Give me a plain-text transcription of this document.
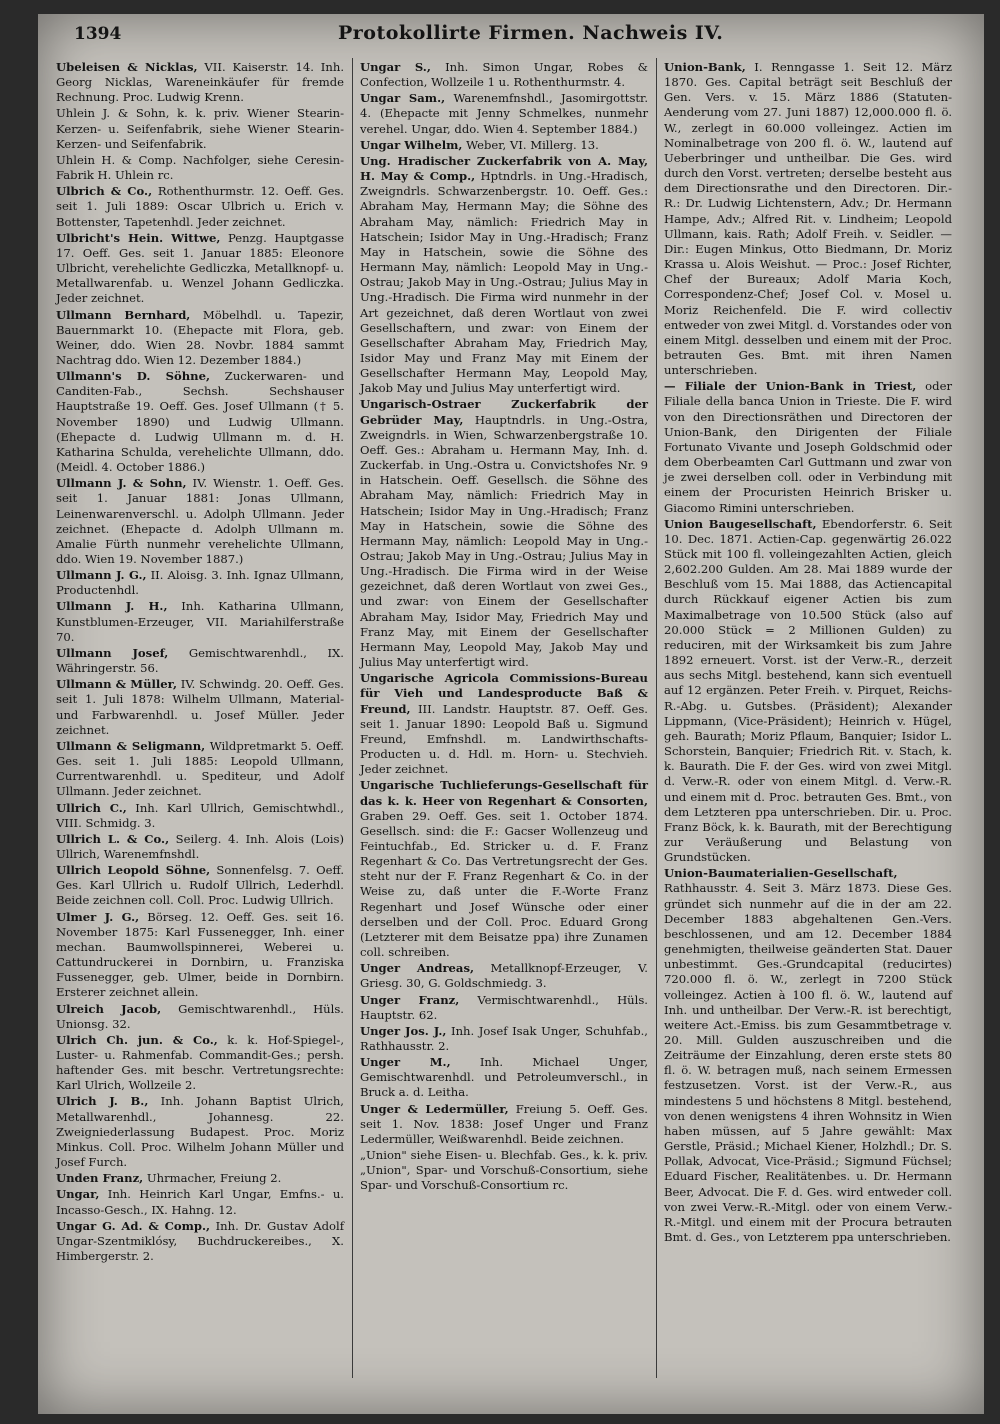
1394	Protokollirte Firmen. Nachweis IV.

Ubeleisen & Nicklas, VII. Kaiserstr. 14. Inh. Georg Nicklas, Wareneinkäufer für fremde Rechnung. Proc. Ludwig Krenn.

Uhlein J. & Sohn, k. k. priv. Wiener Stearin-Kerzen- u. Seifenfabrik, siehe Wiener Stearin-Kerzen- und Seifenfabrik.

Uhlein H. & Comp. Nachfolger, siehe Ceresin-Fabrik H. Uhlein rc.

Ulbrich & Co., Rothenthurmstr. 12. Oeff. Ges. seit 1. Juli 1889: Oscar Ulbrich u. Erich v. Bottenster, Tapetenhdl. Jeder zeichnet.

Ulbricht's Hein. Wittwe, Penzg. Hauptgasse 17. Oeff. Ges. seit 1. Januar 1885: Eleonore Ulbricht, verehelichte Gedliczka, Metallknopf- u. Metallwarenfab. u. Wenzel Johann Gedliczka. Jeder zeichnet.

Ullmann Bernhard, Möbelhdl. u. Tapezir, Bauernmarkt 10. (Ehepacte mit Flora, geb. Weiner, ddo. Wien 28. Novbr. 1884 sammt Nachtrag ddo. Wien 12. Dezember 1884.)

Ullmann's D. Söhne, Zuckerwaren- und Canditen-Fab., Sechsh. Sechshauser Hauptstraße 19. Oeff. Ges. Josef Ullmann († 5. November 1890) und Ludwig Ullmann. (Ehepacte d. Ludwig Ullmann m. d. H. Katharina Schulda, verehelichte Ullmann, ddo. (Meidl. 4. October 1886.)

Ullmann J. & Sohn, IV. Wienstr. 1. Oeff. Ges. seit 1. Januar 1881: Jonas Ullmann, Leinenwarenverschl. u. Adolph Ullmann. Jeder zeichnet. (Ehepacte d. Adolph Ullmann m. Amalie Fürth nunmehr verehelichte Ullmann, ddo. Wien 19. November 1887.)

Ullmann J. G., II. Aloisg. 3. Inh. Ignaz Ullmann, Productenhdl.

Ullmann J. H., Inh. Katharina Ullmann, Kunstblumen-Erzeuger, VII. Mariahilferstraße 70.

Ullmann Josef, Gemischtwarenhdl., IX. Währingerstr. 56.

Ullmann & Müller, IV. Schwindg. 20. Oeff. Ges. seit 1. Juli 1878: Wilhelm Ullmann, Material- und Farbwarenhdl. u. Josef Müller. Jeder zeichnet.

Ullmann & Seligmann, Wildpretmarkt 5. Oeff. Ges. seit 1. Juli 1885: Leopold Ullmann, Currentwarenhdl. u. Spediteur, und Adolf Ullmann. Jeder zeichnet.

Ullrich C., Inh. Karl Ullrich, Gemischtwhdl., VIII. Schmidg. 3.

Ullrich L. & Co., Seilerg. 4. Inh. Alois (Lois) Ullrich, Warenemfnshdl.

Ullrich Leopold Söhne, Sonnenfelsg. 7. Oeff. Ges. Karl Ullrich u. Rudolf Ullrich, Lederhdl. Beide zeichnen coll. Coll. Proc. Ludwig Ullrich.

Ulmer J. G., Börseg. 12. Oeff. Ges. seit 16. November 1875: Karl Fussenegger, Inh. einer mechan. Baumwollspinnerei, Weberei u. Cattundruckerei in Dornbirn, u. Franziska Fussenegger, geb. Ulmer, beide in Dornbirn. Ersterer zeichnet allein.

Ulreich Jacob, Gemischtwarenhdl., Hüls. Unionsg. 32.

Ulrich Ch. jun. & Co., k. k. Hof-Spiegel-, Luster- u. Rahmenfab. Commandit-Ges.; persh. haftender Ges. mit beschr. Vertretungsrechte: Karl Ulrich, Wollzeile 2.

Ulrich J. B., Inh. Johann Baptist Ulrich, Metallwarenhdl., Johannesg. 22. Zweigniederlassung Budapest. Proc. Moriz Minkus. Coll. Proc. Wilhelm Johann Müller und Josef Furch.

Unden Franz, Uhrmacher, Freiung 2.

Ungar, Inh. Heinrich Karl Ungar, Emfns.- u. Incasso-Gesch., IX. Hahng. 12.

Ungar G. Ad. & Comp., Inh. Dr. Gustav Adolf Ungar-Szentmiklósy, Buchdruckereibes., X. Himbergerstr. 2.

Ungar S., Inh. Simon Ungar, Robes & Confection, Wollzeile 1 u. Rothenthurmstr. 4.

Ungar Sam., Warenemfnshdl., Jasomirgottstr. 4. (Ehepacte mit Jenny Schmelkes, nunmehr verehel. Ungar, ddo. Wien 4. September 1884.)

Ungar Wilhelm, Weber, VI. Millerg. 13.

Ung. Hradischer Zuckerfabrik von A. May, H. May & Comp., Hptndrls. in Ung.-Hradisch, Zweigndrls. Schwarzenbergstr. 10. Oeff. Ges.: Abraham May, Hermann May; die Söhne des Abraham May, nämlich: Friedrich May in Hatschein; Isidor May in Ung.-Hradisch; Franz May in Hatschein, sowie die Söhne des Hermann May, nämlich: Leopold May in Ung.-Ostrau; Jakob May in Ung.-Ostrau; Julius May in Ung.-Hradisch. Die Firma wird nunmehr in der Art gezeichnet, daß deren Wortlaut von zwei Gesellschaftern, und zwar: von Einem der Gesellschafter Abraham May, Friedrich May, Isidor May und Franz May mit Einem der Gesellschafter Hermann May, Leopold May, Jakob May und Julius May unterfertigt wird.

Ungarisch-Ostraer Zuckerfabrik der Gebrüder May, Hauptndrls. in Ung.-Ostra, Zweigndrls. in Wien, Schwarzenbergstraße 10. Oeff. Ges.: Abraham u. Hermann May, Inh. d. Zuckerfab. in Ung.-Ostra u. Convictshofes Nr. 9 in Hatschein. Oeff. Gesellsch. die Söhne des Abraham May, nämlich: Friedrich May in Hatschein; Isidor May in Ung.-Hradisch; Franz May in Hatschein, sowie die Söhne des Hermann May, nämlich: Leopold May in Ung.-Ostrau; Jakob May in Ung.-Ostrau; Julius May in Ung.-Hradisch. Die Firma wird in der Weise gezeichnet, daß deren Wortlaut von zwei Ges., und zwar: von Einem der Gesellschafter Abraham May, Isidor May, Friedrich May und Franz May, mit Einem der Gesellschafter Hermann May, Leopold May, Jakob May und Julius May unterfertigt wird.

Ungarische Agricola Commissions-Bureau für Vieh und Landesproducte Baß & Freund, III. Landstr. Hauptstr. 87. Oeff. Ges. seit 1. Januar 1890: Leopold Baß u. Sigmund Freund, Emfnshdl. m. Landwirthschafts-Producten u. d. Hdl. m. Horn- u. Stechvieh. Jeder zeichnet.

Ungarische Tuchlieferungs-Gesellschaft für das k. k. Heer von Regenhart & Consorten, Graben 29. Oeff. Ges. seit 1. October 1874. Gesellsch. sind: die F.: Gacser Wollenzeug und Feintuchfab., Ed. Stricker u. d. F. Franz Regenhart & Co. Das Vertretungsrecht der Ges. steht nur der F. Franz Regenhart & Co. in der Weise zu, daß unter die F.-Worte Franz Regenhart und Josef Wünsche oder einer derselben und der Coll. Proc. Eduard Grong (Letzterer mit dem Beisatze ppa) ihre Zunamen coll. schreiben.

Unger Andreas, Metallknopf-Erzeuger, V. Griesg. 30, G. Goldschmiedg. 3.

Unger Franz, Vermischtwarenhdl., Hüls. Hauptstr. 62.

Unger Jos. J., Inh. Josef Isak Unger, Schuhfab., Rathhausstr. 2.

Unger M., Inh. Michael Unger, Gemischtwarenhdl. und Petroleumverschl., in Bruck a. d. Leitha.

Unger & Ledermüller, Freiung 5. Oeff. Ges. seit 1. Nov. 1838: Josef Unger und Franz Ledermüller, Weißwarenhdl. Beide zeichnen.

„Union" siehe Eisen- u. Blechfab. Ges., k. k. priv. „Union", Spar- und Vorschuß-Consortium, siehe Spar- und Vorschuß-Consortium rc.

Union-Bank, I. Renngasse 1. Seit 12. März 1870. Ges. Capital beträgt seit Beschluß der Gen. Vers. v. 15. März 1886 (Statuten-Aenderung vom 27. Juni 1887) 12,000.000 fl. ö. W., zerlegt in 60.000 volleingez. Actien im Nominalbetrage von 200 fl. ö. W., lautend auf Ueberbringer und untheilbar. Die Ges. wird durch den Vorst. vertreten; derselbe besteht aus dem Directionsrathe und den Directoren. Dir.-R.: Dr. Ludwig Lichtenstern, Adv.; Dr. Hermann Hampe, Adv.; Alfred Rit. v. Lindheim; Leopold Ullmann, kais. Rath; Adolf Freih. v. Seidler. — Dir.: Eugen Minkus, Otto Biedmann, Dr. Moriz Krassa u. Alois Weishut. — Proc.: Josef Richter, Chef der Bureaux; Adolf Maria Koch, Correspondenz-Chef; Josef Col. v. Mosel u. Moriz Reichenfeld. Die F. wird collectiv entweder von zwei Mitgl. d. Vorstandes oder von einem Mitgl. desselben und einem mit der Proc. betrauten Ges. Bmt. mit ihren Namen unterschrieben.

— Filiale der Union-Bank in Triest, oder Filiale della banca Union in Trieste. Die F. wird von den Directionsräthen und Directoren der Union-Bank, den Dirigenten der Filiale Fortunato Vivante und Joseph Goldschmid oder dem Oberbeamten Carl Guttmann und zwar von je zwei derselben coll. oder in Verbindung mit einem der Procuristen Heinrich Brisker u. Giacomo Rimini unterschrieben.

Union Baugesellschaft, Ebendorferstr. 6. Seit 10. Dec. 1871. Actien-Cap. gegenwärtig 26.022 Stück mit 100 fl. volleingezahlten Actien, gleich 2,602.200 Gulden. Am 28. Mai 1889 wurde der Beschluß vom 15. Mai 1888, das Actiencapital durch Rückkauf eigener Actien bis zum Maximalbetrage von 10.500 Stück (also auf 20.000 Stück = 2 Millionen Gulden) zu reduciren, mit der Wirksamkeit bis zum Jahre 1892 erneuert. Vorst. ist der Verw.-R., derzeit aus sechs Mitgl. bestehend, kann sich eventuell auf 12 ergänzen. Peter Freih. v. Pirquet, Reichs-R.-Abg. u. Gutsbes. (Präsident); Alexander Lippmann, (Vice-Präsident); Heinrich v. Hügel, geh. Baurath; Moriz Pflaum, Banquier; Isidor L. Schorstein, Banquier; Friedrich Rit. v. Stach, k. k. Baurath. Die F. der Ges. wird von zwei Mitgl. d. Verw.-R. oder von einem Mitgl. d. Verw.-R. und einem mit d. Proc. betrauten Ges. Bmt., von dem Letzteren ppa unterschrieben. Dir. u. Proc. Franz Böck, k. k. Baurath, mit der Berechtigung zur Veräußerung und Belastung von Grundstücken.

Union-Baumaterialien-Gesellschaft, Rathhausstr. 4. Seit 3. März 1873. Diese Ges. gründet sich nunmehr auf die in der am 22. December 1883 abgehaltenen Gen.-Vers. beschlossenen, und am 12. December 1884 genehmigten, theilweise geänderten Stat. Dauer unbestimmt. Ges.-Grundcapital (reducirtes) 720.000 fl. ö. W., zerlegt in 7200 Stück volleingez. Actien à 100 fl. ö. W., lautend auf Inh. und untheilbar. Der Verw.-R. ist berechtigt, weitere Act.-Emiss. bis zum Gesammtbetrage v. 20. Mill. Gulden auszuschreiben und die Zeiträume der Einzahlung, deren erste stets 80 fl. ö. W. betragen muß, nach seinem Ermessen festzusetzen. Vorst. ist der Verw.-R., aus mindestens 5 und höchstens 8 Mitgl. bestehend, von denen wenigstens 4 ihren Wohnsitz in Wien haben müssen, auf 5 Jahre gewählt: Max Gerstle, Präsid.; Michael Kiener, Holzhdl.; Dr. S. Pollak, Advocat, Vice-Präsid.; Sigmund Füchsel; Eduard Fischer, Realitätenbes. u. Dr. Hermann Beer, Advocat. Die F. d. Ges. wird entweder coll. von zwei Verw.-R.-Mitgl. oder von einem Verw.-R.-Mitgl. und einem mit der Procura betrauten Bmt. d. Ges., von Letzterem ppa unterschrieben.
